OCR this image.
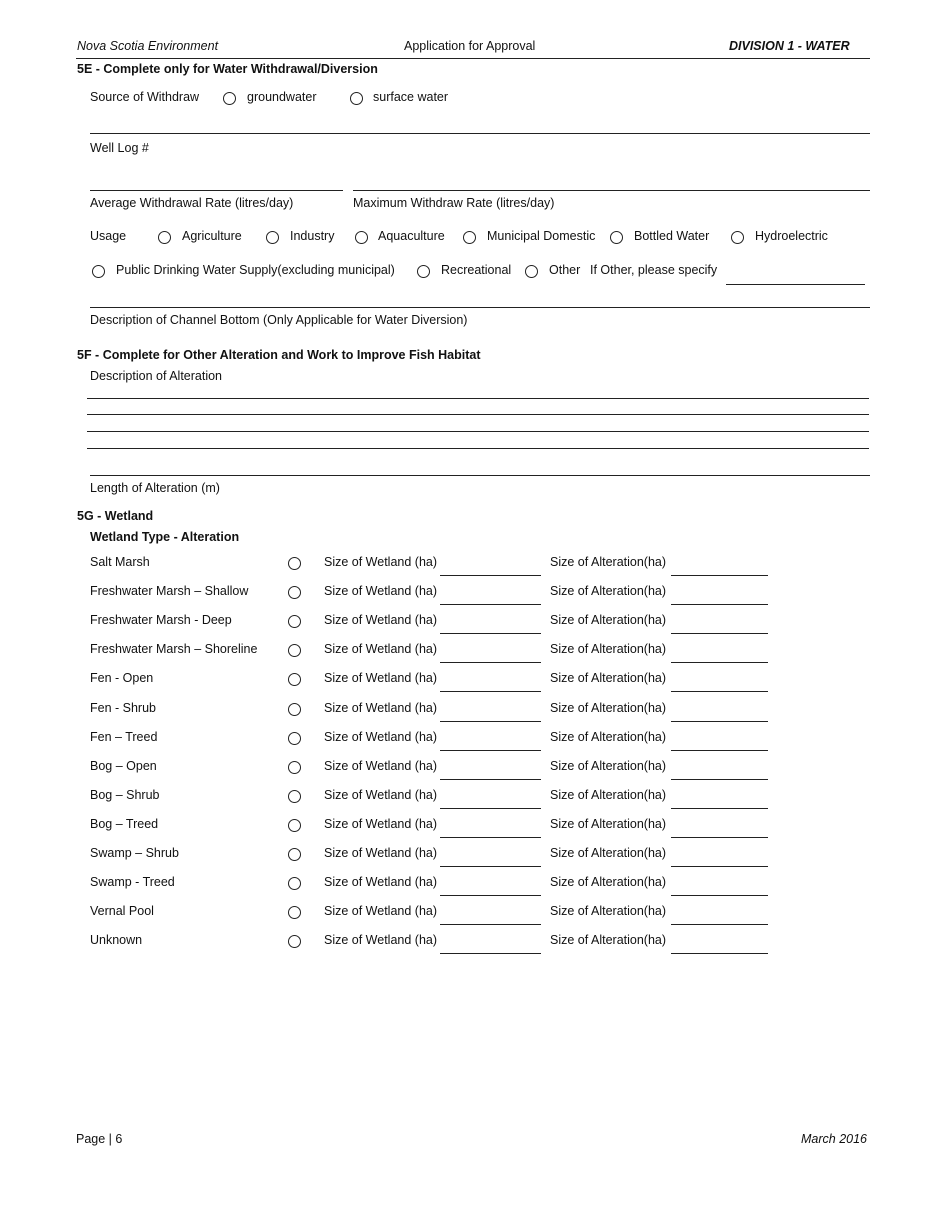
Nova Scotia Environment	Application for Approval	DIVISION 1 - WATER
5E - Complete only for Water Withdrawal/Diversion
Source of Withdraw	groundwater	surface water
Well Log #
Average Withdrawal Rate (litres/day)	Maximum Withdraw Rate (litres/day)
Usage	Agriculture	Industry	Aquaculture	Municipal Domestic	Bottled Water	Hydroelectric
Public Drinking Water Supply(excluding municipal)	Recreational	Other If Other, please specify
Description of Channel Bottom (Only Applicable for Water Diversion)
5F - Complete for Other Alteration and Work to Improve Fish Habitat
Description of Alteration
Length of Alteration (m)
5G - Wetland
Wetland Type - Alteration
Salt Marsh	Size of Wetland (ha)	Size of Alteration(ha)
Freshwater Marsh – Shallow	Size of Wetland (ha)	Size of Alteration(ha)
Freshwater Marsh - Deep	Size of Wetland (ha)	Size of Alteration(ha)
Freshwater Marsh – Shoreline	Size of Wetland (ha)	Size of Alteration(ha)
Fen - Open	Size of Wetland (ha)	Size of Alteration(ha)
Fen - Shrub	Size of Wetland (ha)	Size of Alteration(ha)
Fen – Treed	Size of Wetland (ha)	Size of Alteration(ha)
Bog – Open	Size of Wetland (ha)	Size of Alteration(ha)
Bog – Shrub	Size of Wetland (ha)	Size of Alteration(ha)
Bog – Treed	Size of Wetland (ha)	Size of Alteration(ha)
Swamp – Shrub	Size of Wetland (ha)	Size of Alteration(ha)
Swamp - Treed	Size of Wetland (ha)	Size of Alteration(ha)
Vernal Pool	Size of Wetland (ha)	Size of Alteration(ha)
Unknown	Size of Wetland (ha)	Size of Alteration(ha)
Page | 6	March 2016
